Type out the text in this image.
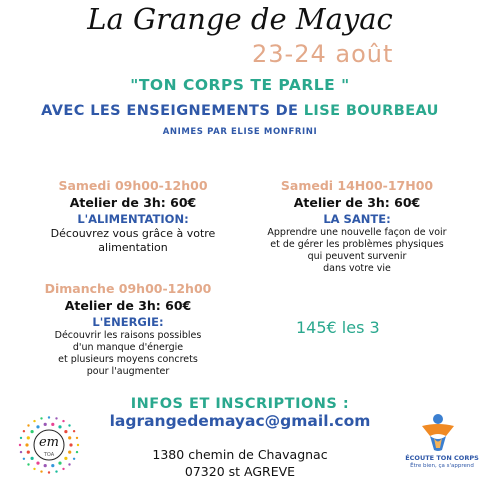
La Grange de Mayac
23-24 août
"TON CORPS TE PARLE "
AVEC LES ENSEIGNEMENTS DE LISE BOURBEAU
ANIMES PAR ELISE MONFRINI
Samedi 09h00-12h00
Atelier de 3h: 60€
L'ALIMENTATION:
Découvrez vous grâce à votre
alimentation
Samedi 14H00-17H00
Atelier de 3h: 60€
LA SANTE:
Apprendre une nouvelle façon de voir
et de gérer les problèmes physiques
qui peuvent survenir
dans votre vie
Dimanche 09h00-12h00
Atelier de 3h: 60€
L'ENERGIE:
Découvrir les raisons possibles
d'un manque d'énergie
et plusieurs moyens concrets
pour l'augmenter
145€ les 3
INFOS ET INSCRIPTIONS :
lagrangedemayac@gmail.com
1380 chemin de Chavagnac
07320 st AGREVE
em
TOA	ÉCOUTE TON CORPS
Être bien, ça s'apprend
